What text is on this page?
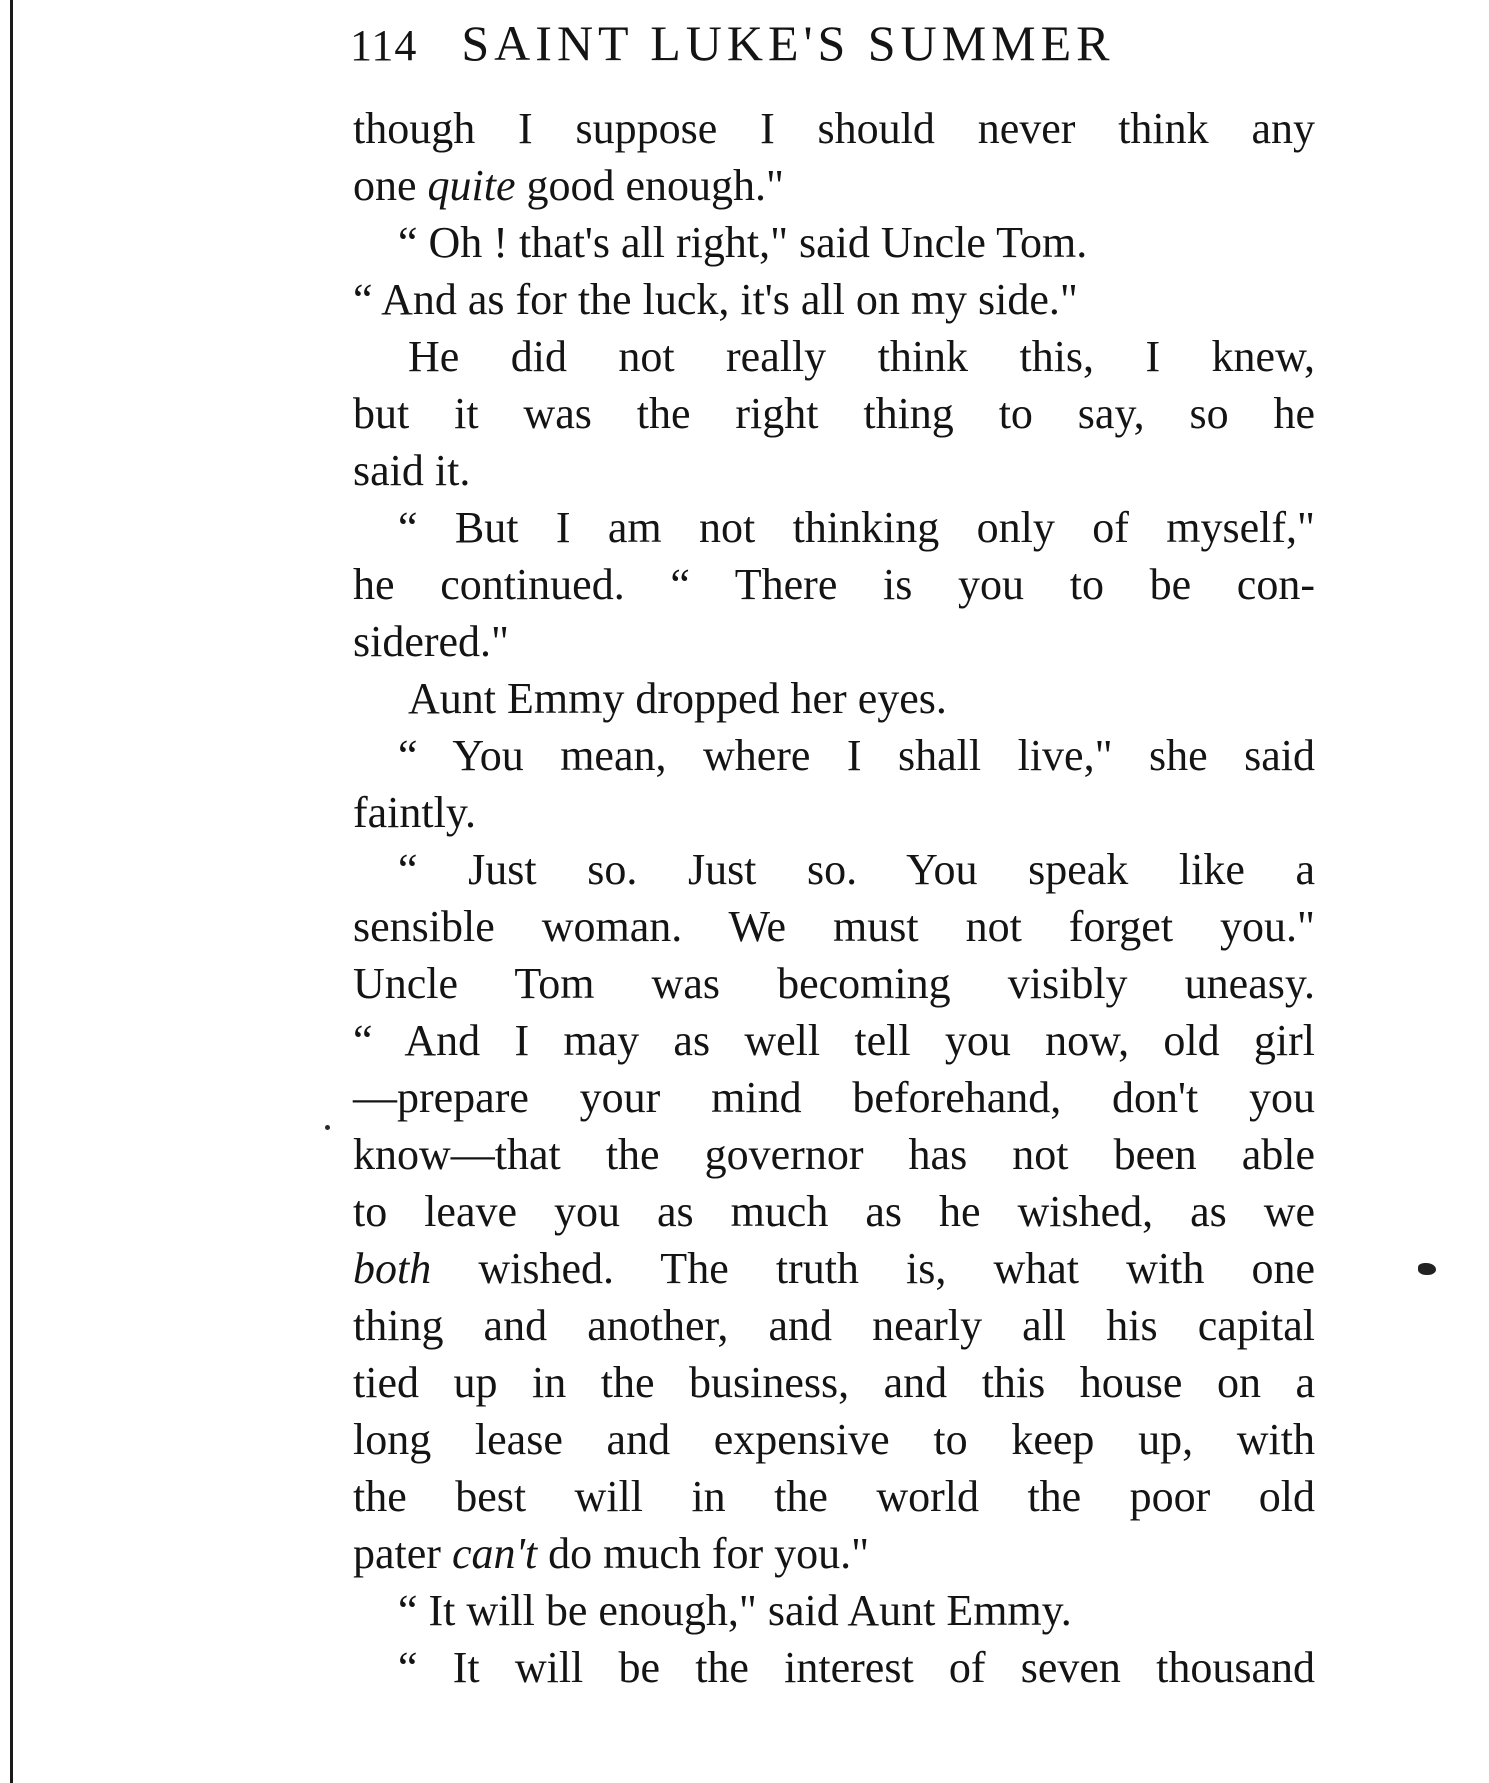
114 SAINT LUKE'S SUMMER
though I suppose I should never think any
one quite good enough."
“ Oh ! that's all right," said Uncle Tom.
“ And as for the luck, it's all on my side."
He did not really think this, I knew,
but it was the right thing to say, so he
said it.
“ But I am not thinking only of myself,"
he continued. “ There is you to be con-
sidered."
Aunt Emmy dropped her eyes.
“ You mean, where I shall live," she said
faintly.
“ Just so. Just so. You speak like a
sensible woman. We must not forget you."
Uncle Tom was becoming visibly uneasy.
“ And I may as well tell you now, old girl
—prepare your mind beforehand, don't you
know—that the governor has not been able
to leave you as much as he wished, as we
both wished. The truth is, what with one
thing and another, and nearly all his capital
tied up in the business, and this house on a
long lease and expensive to keep up, with
the best will in the world the poor old
pater can't do much for you."
“ It will be enough," said Aunt Emmy.
“ It will be the interest of seven thousand
